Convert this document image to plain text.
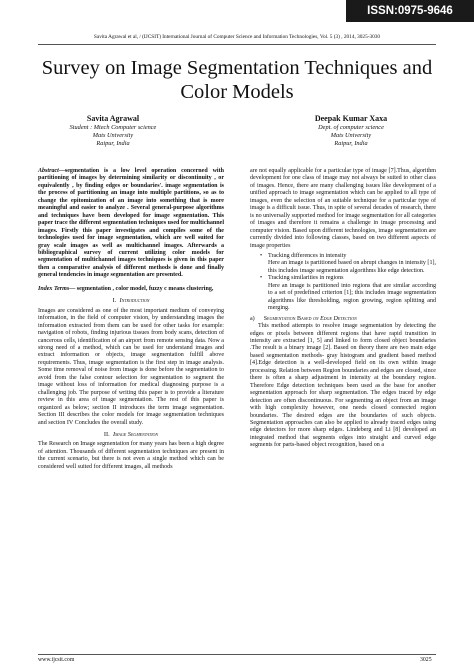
ISSN:0975-9646
Savita Agrawal et al, / (IJCSIT) International Journal of Computer Science and Information Technologies, Vol. 5 (3) , 2014, 3025-3030
Survey on Image Segmentation Techniques and Color Models
Savita Agrawal
Student : Mtech Computer science
Mats University
Raipur, India
Deepak Kumar Xaxa
Dept. of computer science
Mats University
Raipur, India

Abstract—segmentation is a low level operation concerned with partitioning of images by determining similarity or discontinuity , or equivalently , by finding edges or boundaries'. image segmentation is the process of partitioning an image into multiple partitions, so as to change the epitomization of an image into something that is more meaningful and easier to analyze . Several general-purpose algorithms and techniques have been developed for image segmentation. This paper trace the different segmentation techniques used for multichannel images. Firstly this paper investigates and compiles some of the technologies used for image segmentation, which are well suited for gray scale images as well as multichannel images. Afterwards a bibliographical survey of current utilizing color models for segmentation of multichannel images techniques is given in this paper then a comparative analysis of different methods is done and finally general tendencies in image segmentation are presented.

Index Terms— segmentation , color model, fuzzy c means clustering,

I. Introduction

Images are considered as one of the most important medium of conveying information, in the field of computer vision, by understanding images the information extracted from them can be used for other tasks for example: navigation of robots, finding injurious tissues from body scans, detection of cancerous cells, identification of an airport from remote sensing data. Now a strong need of a method, which can be used for understand images and extract information or objects, image segmentation fulfill above requirements. Thus, image segmentation is the first step in image analysis. Some time removal of noise from image is done before the segmentation to avoid from the false contour selection for segmentation to segment the image without loss of information for medical diagnosing purpose is a challenging job. The purpose of writing this paper is to provide a literature review in this area of image segmentation. The rest of this paper is organized as below; section II introduces the term image segmentation. Section III describes the color models for image segmentation techniques and section IV Concludes the overall study.

II. Image Segmentation

The Research on Image segmentation for many years has been a high degree of attention. Thousands of different segmentation techniques are present in the current scenario, but there is not even a single method which can be considered well suited for different images, all methods

are not equally applicable for a particular type of image [7].Thus, algorithm development for one class of image may not always be suited to other class of images. Hence, there are many challenging issues like development of a unified approach to image segmentation which can be applied to all type of images, even the selection of an suitable technique for a particular type of image is a difficult issue. Thus, in spite of several decades of research, there is no universally supported method for image segmentation for all categories of images and therefore it remains a challenge in image processing and computer vision. Based upon different technologies, image segmentation are currently divided into following classes, based on two different aspects of image properties

• Tracking differences in intensity
Here an image is partitioned based on abrupt changes in intensity [1], this includes image segmentation algorithms like edge detection.
• Tracking similarities in regions
Here an image is partitioned into regions that are similar according to a set of predefined criterion [1]; this includes image segmentation algorithms like thresholding, region growing, region splitting and merging.

a) Segmentation Based on Edge Detection

This method attempts to resolve image segmentation by detecting the edges or pixels between different regions that have rapid transition in intensity are extracted [1, 5] and linked to form closed object boundaries .The result is a binary image [2]. Based on theory there are two main edge based segmentation methods- gray histogram and gradient based method [4].Edge detection is a well-developed field on its own within image processing. Relation between Region boundaries and edges are closed, since there is often a sharp adjustment in intensity at the boundary region. Therefore Edge detection techniques been used as the base for another segmentation approach for sharp segmentation. The edges traced by edge detection are often discontinuous. For segmenting an object from an image with high complexity however, one needs closed connected region boundaries. The desired edges are the boundaries of such objects. Segmentation approaches can also be applied to already traced edges using edge detectors for more sharp edges. Lindeberg and Li [8] developed an integrated method that segments edges into straight and curved edge segments for parts-based object recognition, based on a

www.ijcsit.com	3025
